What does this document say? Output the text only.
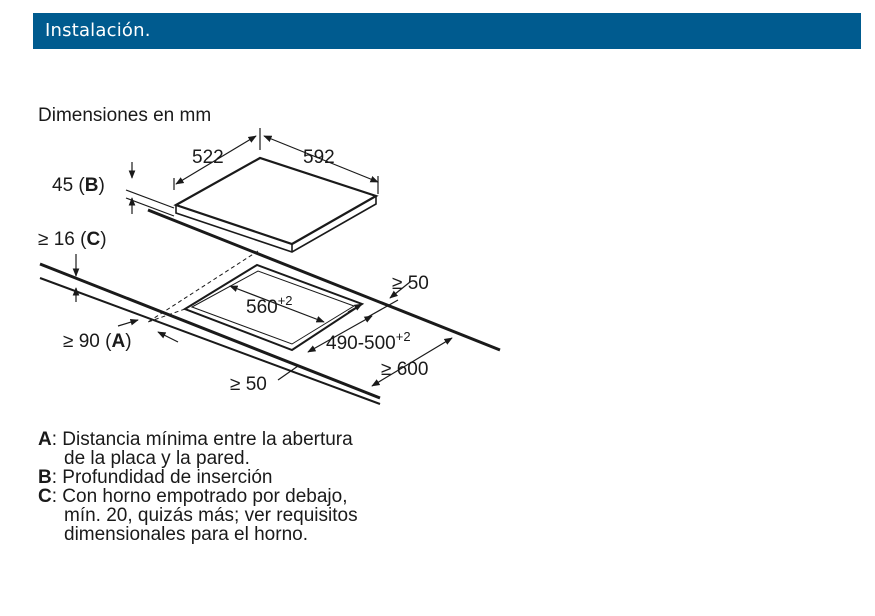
Instalación.
Dimensiones en mm
522	592
45 (B)
$560^{+2}$
$490-500^{+2}$
≥ 16 (C)
≥ 50
≥ 90 (A)
≥ 50
≥ 600
A: Distancia mínima entre la abertura
de la placa y la pared.
B: Profundidad de inserción
C: Con horno empotrado por debajo,
mín. 20, quizás más; ver requisitos
dimensionales para el horno.
